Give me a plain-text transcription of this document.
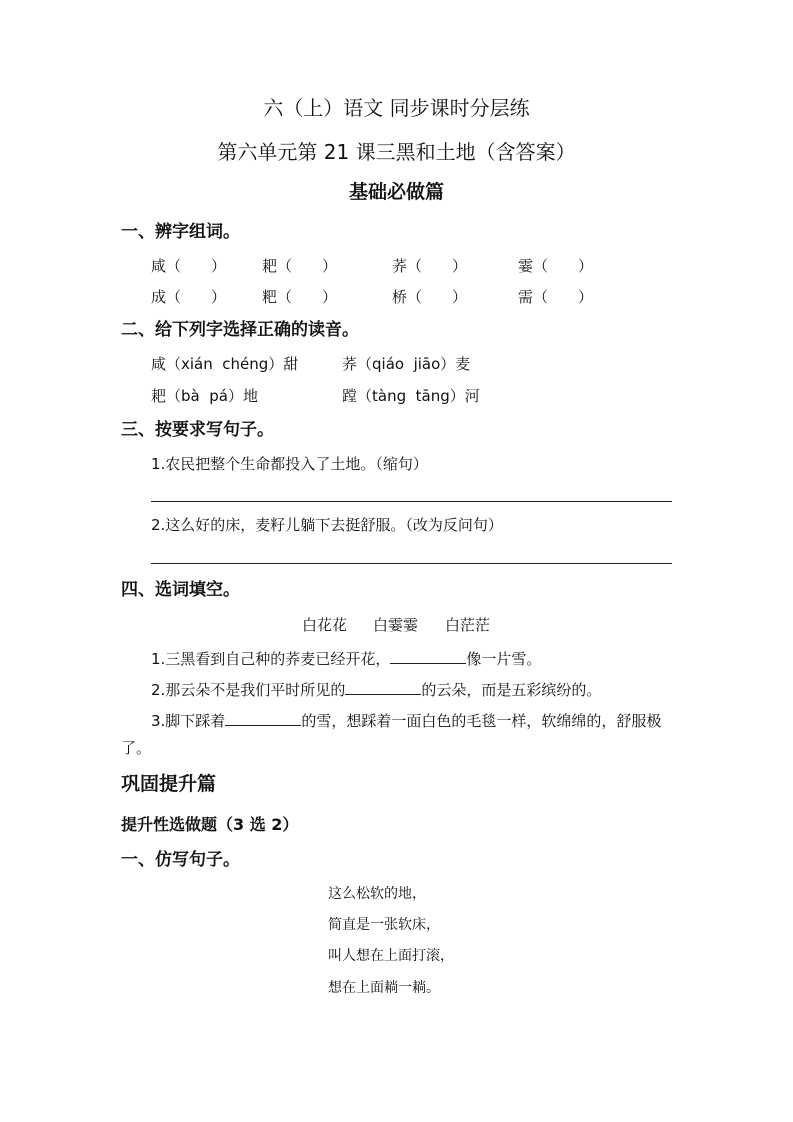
六（上）语文 同步课时分层练
第六单元第 21 课三黑和土地（含答案）
基础必做篇
一、辨字组词。
咸（　　） 耙（　　）	荞（　　）	霎（　　）
成（　　） 粑（　　）	桥（　　）	需（　　）
二、给下列字选择正确的读音。
咸（xián  chéng）甜	荞（qiáo  jiāo）麦
耙（bà  pá）地	蹚（tàng  tāng）河
三、按要求写句子。
1.农民把整个生命都投入了土地。（缩句）
2.这么好的床，麦籽儿躺下去挺舒服。（改为反问句）
四、选词填空。
白花花 白霎霎 白茫茫
1.三黑看到自己种的荞麦已经开花，	像一片雪。
2.那云朵不是我们平时所见的	的云朵，而是五彩缤纷的。
3.脚下踩着	的雪，想踩着一面白色的毛毯一样，软绵绵的，舒服极
了。
巩固提升篇
提升性选做题（3 选 2）
一、仿写句子。
这么松软的地，
简直是一张软床，
叫人想在上面打滚，
想在上面耥一耥。
